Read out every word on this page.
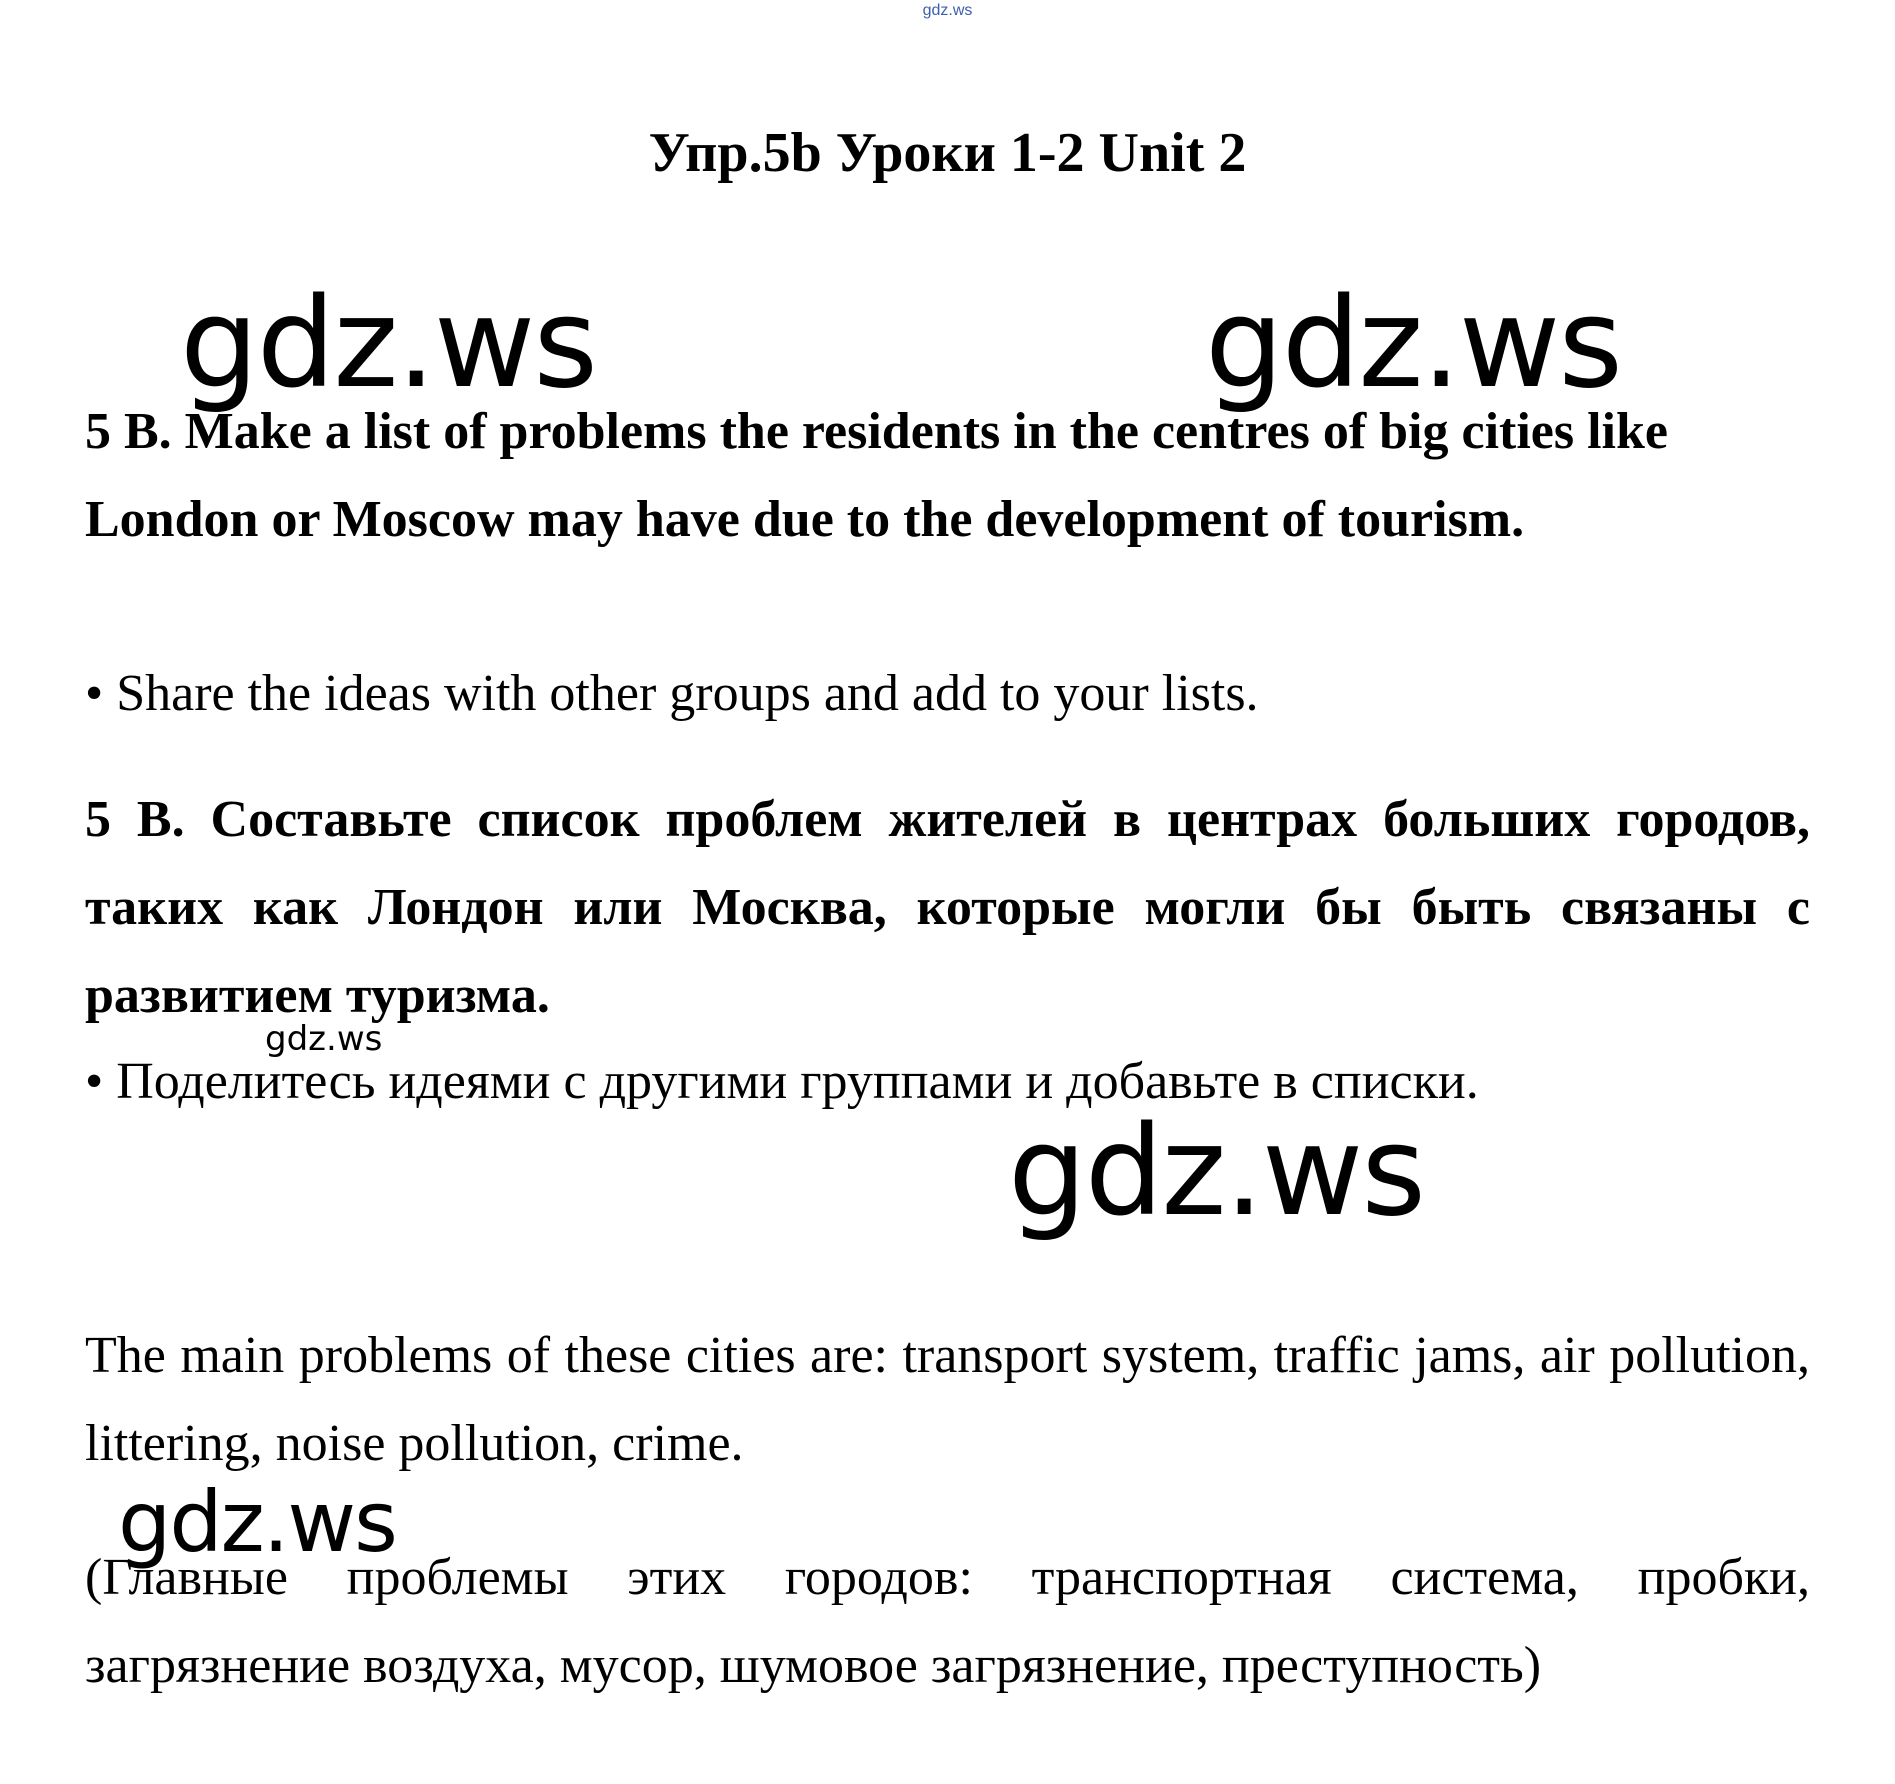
gdz.ws
Упр.5b Уроки 1-2 Unit 2
gdz.ws	gdz.ws
5 B. Make a list of problems the residents in the centres of big cities like London or Moscow may have due to the development of tourism.
• Share the ideas with other groups and add to your lists.
5 B. Составьте список проблем жителей в центрах больших городов, таких как Лондон или Москва, которые могли бы быть связаны с развитием туризма.
gdz.ws
• Поделитесь идеями с другими группами и добавьте в списки.
gdz.ws
The main problems of these cities are: transport system, traffic jams, air pollution, littering, noise pollution, crime.
gdz.ws
(Главные проблемы этих городов: транспортная система, пробки, загрязнение воздуха, мусор, шумовое загрязнение, преступность)
